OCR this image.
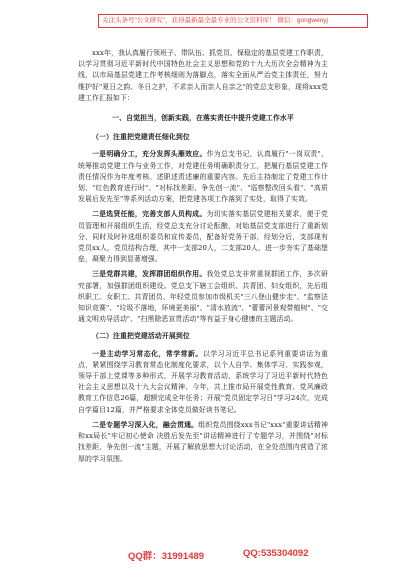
关注头条号"公文研究"，获得最新最全最专业的公文资料库！ 微信：gongwenyj

xxx年，我认真履行领班子、带队伍、抓党员、保稳定的基层党建工作职责，以学习贯彻习近平新时代中国特色社会主义思想和党的十九大历次全会精神为主线，以市局基层党建工作考核细则为落脚点，落实全面从严治党主体责任，努力维护好"夏日之韵、冬日之护，不求亲人而亲人自亲之"的党总支形象，现将xxx党建工作汇报如下：

一、自觉担当，创新实践，在落实责任中提升党建工作水平

（一）注重把党建责任细化到位

一是明确分工，充分发挥头雁效应。作为总支书记，认真履行"一岗双责"，统筹推动党建工作与业务工作，对党建任务明确职责分工，把履行基层党建工作责任情况作为年度考核、述职述责述廉的重要内容。先后主持制定了党建工作计划、"红色教育进行时"、"对标找差距、争先创一流"、"巡察整改回头看"、"高质发展后发先至"等系列活动方案，把党建各项工作落到了实处，取得了实效。

二是选贤任能，完善支部人员构成。为切实落实基层党建相关要求，便于党员管理和开展组织生活，经党总支充分讨论酝酿，对始基层党支部进行了重新划分，同时及时补选组织委员和宣传委员，配备好党务干部，经划分后，支部现有党员xx人，党员结构合理，其中一支部20人，二支部20人，进一步夯实了基础堡垒，凝聚力得到显著增强。

三是党群共建，发挥群团组织作用。我处党总支非常重视群团工作，多次研究部署，加强群团组织建设。党总支下辖工会组织、共青团、妇女组织，先后组织职工、女职工、共青团员、年轻党员参加市级机关"三八登山健步走"、"监察法知识竞赛"、"垃圾不落地，环境更美丽"、"清水放流"、"蕾蕾河景观带植树"、"交通文明劝导活动"、"扫黑除恶宣贯活动"等有益于身心健康的主题活动。

（二）注重把党建活动开展到位

一是主动学习常态化，常学常新。以学习习近平总书记系列重要讲话为重点，紧紧围绕学习教育常态化制度化要求，以个人自学、集体学习、实践参观，领导干部上党课等多种形式，开展学习教育活动，系统学习了习近平新时代特色社会主义思想以及十九大会议精神、今年，共上推市局开展党性教育、党风廉政教育工作信息26篇，超额完成全年任务；开展"党员固定学习日"学习24次，完成自学篇目12篇，并严格要求全体党员做好读书笔记。

二是专题学习深入化，融会贯通。组织党员围绕xxx书记"xxx"重要讲话精神和xx局长"牢记初心使命 决胜后发先至"讲话精神进行了专题学习，并围绕"对标找差距，争先创一流"主题，开展了解放思想大讨论活动，在全处范围内营造了浓厚的学习氛围。

QQ群：31991489	QQ:535304092
